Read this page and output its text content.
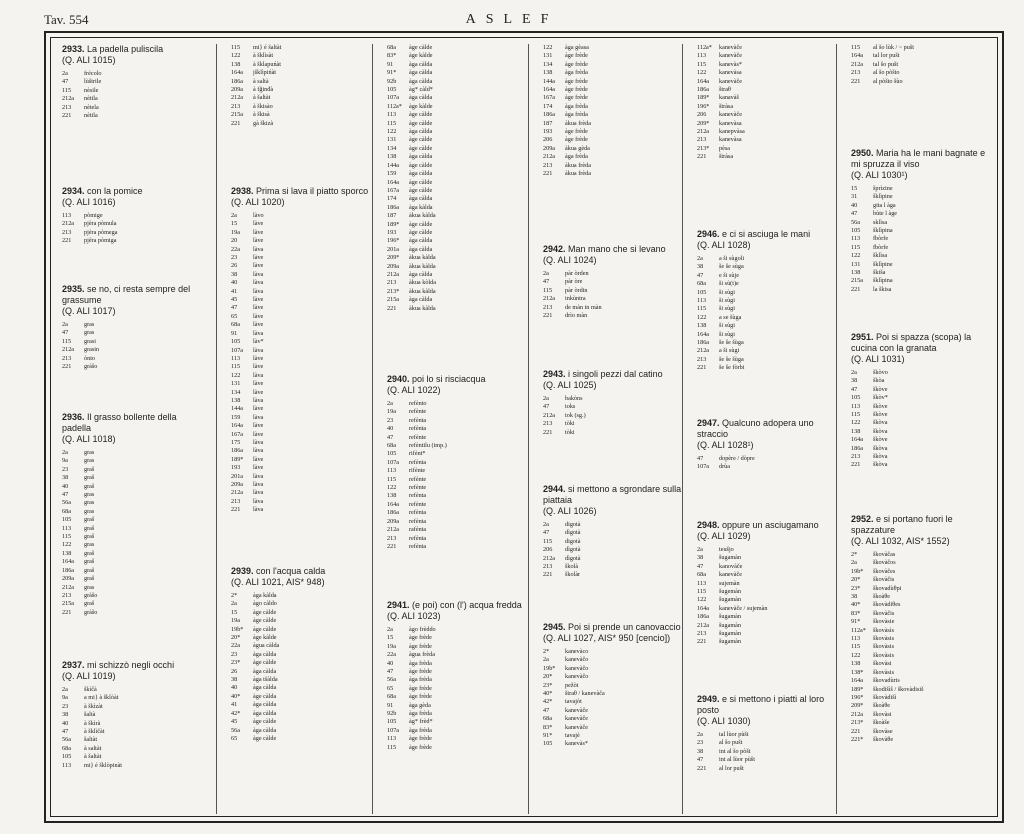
Tav. 554	ASLEF
2933. La padella puliscila
(Q. ALI 1015)
2a	frécolo
47	lùštrile
115	nèsile
212a	nètila
213	nètela
221	nètila
2934. con la pomice
(Q. ALI 1016)
113	pòmige
212a	pjèra pòmula
213	pjèra pòmega
221	pjèra pòmiga
2935. se no, ci resta sempre del grassume
(Q. ALI 1017)
2a	gras
47	gras
115	grasi
212a	grasin
213	ònto
221	gràšo
2936. Il grasso bollente della padella
(Q. ALI 1018)
2a	gras
9a	gras
23	graš
38	graš
40	graš
47	gras
56a	gras
68a	gras
105	graš
113	graš
115	graš
122	gras
138	graš
164a	graš
186a	graš
209a	graš
212a	gras
213	gràšo
215a	graš
221	gràšo
2937. mi schizzò negli occhi
(Q. ALI 1019)
2a	škìčà
9a	a mi} à šklòàt
23	à škìzàt
38	šaltà
40	à škìrà
47	à šklìčàt
56a	šaltàt
68a	à saltàt
105	à šaltàt
113	mi} é šklòpinàt
115	mi} é šaltàt
122	à šklìsàt
138	à šklapuńàt
164a	jšklìpińàt
186a	à saltà
209a	à fğinđà
212a	à šaltàt
213	à škisào
215a	à škisà
221	gà škizà
2938. Prima si lava il piatto sporco
(Q. ALI 1020)
2a	làvo
15	làve
19a	làve
20	làve
22a	làva
23	làve
26	làve
38	làva
40	làva
41	làva
45	làve
47	làve
65	làve
68a	làve
91	làva
105	làv*
107a	làva
113	làve
115	làve
122	làva
131	làve
134	làve
138	làva
144a	làve
159	làva
164a	làve
167a	làve
175	làva
186a	làva
189*	làve
193	làve
201a	làva
209a	làva
212a	làva
213	làva
221	làva
2939. con l'acqua calda
(Q. ALI 1021, AIS* 948)
2*	àga kàlda
2a	àgo càldo
15	àge càlde
19a	àge càlde
19b*	àge càlde
20*	àge kàlde
22a	àgua càlda
23	àga càlda
23*	àge càlde
26	àga càlda
38	àga tšàlda
40	àga càlda
40*	àge càlda
41	àga càlda
42*	àga càlda
45	àge càlde
56a	àga càlda
65	àge càlde
68a	àge càlde
83*	àge kàlde
91	àga càlda
91*	àga càlda
92b	àga càlda
105	àg* càld*
107a	àga càlda
112a*	àge kàlde
113	àge càlde
115	àge càlde
122	àga càlda
131	àge càlde
134	àge càlde
138	àga càlda
144a	àge càlde
159	àga càlda
164a	àge càlde
167a	àge càlde
174	àga càlda
186a	àga kàlda
187	àkua kàlda
189*	àge càlde
193	àge càlde
196*	àga càlda
201a	àga càlda
209*	àkua kàlda
209a	àkua kàlda
212a	àga càlda
213	àkua kòlda
213*	àkua kàlda
215a	àga càlda
221	àkua kàlda
2940. poi lo si risciacqua
(Q. ALI 1022)
2a	refènto
19a	refènte
23	refènta
40	refènta
47	refènte
68a	refèntilu (imp.)
105	rifènt*
107a	refènta
113	rifènte
115	refènte
122	refènte
138	refènta
164a	refènte
186a	refènta
209a	refènta
212a	rafènta
213	refènta
221	refènta
2941. (e poi) con (l') acqua fredda
(Q. ALI 1023)
2a	àgo frèddo
15	àge frède
19a	àge frède
22a	àgua frèda
40	àga frèda
47	àge frède
56a	àga frèda
65	àge frède
68a	àge frède
91	àga gèda
92b	àga frèda
105	àg* frèd*
107a	àga frèda
113	àge frède
115	àge frède
122	àga gèasa
131	àge frède
134	àge frède
138	àga frèda
144a	àge frède
164a	àge frède
167a	àge frède
174	àga frèda
186a	àga frèda
187	àkua frèda
193	àge frède
206	àge frède
209a	àkua gèda
212a	àga frèda
213	àkua frèda
221	àkua frèda
2942. Man mano che si levano
(Q. ALI 1024)
2a	pàr òrden
47	pàr òre
115	pàr òrdin
212a	inkùntra
213	de màn in màn
221	drìo màn
2943. i singoli pezzi dal catino
(Q. ALI 1025)
2a	bakòns
47	toks
212a	tok (sg.)
213	tòki
221	tòki
2944. si mettono a sgrondare sulla piattaia
(Q. ALI 1026)
2a	digotà
47	dìgotà
115	digotà
206	dìgotà
212a	dìgotà
213	školà
221	školàr
2945. Poi si prende un canovaccio
(Q. ALI 1027, AIS* 950 [cencio])
2*	kanevàco
2a	kanevàčo
19b*	kanevàčo
20*	kanevàčo
23*	pežòt
40*	štraθ / kanevàča
42*	tavajòt
47	kanevàče
68a	kanevàče
83*	kanevàče
91*	tavajè
105	kanevàs*
112a*	kanevàče
113	kanevàče
115	kanevàs*
122	kanevàsa
164a	kanevàče
186a	štraθ
189*	kanavàš
196*	štràsa
206	kanevàče
209*	kanevàsa
212a	kanepvàsa
213	kanevàsa
213*	pèsa
221	štràsa
2946. e ci si asciuga le mani
(Q. ALI 1028)
2a	a ši sùgoli
38	še še sùga
47	e ši sùje
68a	ši sù(t)e
105	ši sùgi
113	ši sùgi
115	ši sùgi
122	a se šùga
138	ši sùgi
164a	ši sùgi
186a	še še šùga
212a	a ši sùgi
213	še še šùga
221	še še fòrbi
2947. Qualcuno adopera uno straccio
(Q. ALI 1028¹)
47	dopère / dòpre
107a	drùa
2948. oppure un asciugamano
(Q. ALI 1029)
2a	teušjo
38	šugamàn
47	kanovàče
68a	kanevàče
113	sujemàn
115	šugemàn
122	šugamàn
164a	kanevàče / sujemàn
186a	šugamàn
212a	šugamàn
213	šugamàn
221	šugamàn
2949. e si mettono i piatti al loro posto
(Q. ALI 1030)
2a	tal lùor pùšt
23	al šo pušt
38	int al šo pòšt
47	int al lùor pùšt
221	al lor pušt
115	al šo lùk / ~ pušt
164a	tal lor pušt
212a	tal šo pušt
213	al šo pòšto
221	al pòšto šùo
2950. Maria ha le mani bagnate e mi spruzza il viso
(Q. ALI 1030¹)
15	šprìzine
31	šklìpine
40	gita l àga
47	bùte l àge
56a	sklìsa
105	šklìpina
113	fbòrfe
115	fbòrfe
122	šklìsa
131	šklìpine
138	škiša
215a	šklìpina
221	la škisa
2951. Poi si spazza (scopa) la cucina con la granata
(Q. ALI 1031)
2a	škòvo
38	škòa
47	škòve
105	škòv*
113	škòve
115	škòve
122	škòva
138	škòva
164a	škòve
186a	škòva
213	škòva
221	škòva
2952. e si portano fuori le spazzature
(Q. ALI 1032, AIS* 1552)
2*	škovàčas
2a	škovàčos
19b*	škovàčes
20*	škovàčis
23*	škovadùθpi
38	škoàθe
40*	škovàdiθes
83*	škovàčis
91*	škovàsie
112a*	škovàsìs
113	škovàsis
115	škovàsis
122	škovàsis
138	škovàsi
138*	škovàsis
164a	škovadùris
189*	škodišìš / škovàdisiš
196*	škovàdišì
209*	škoàθe
212a	škovàsi
213*	škoàše
221	škovàse
221*	škovàθe
